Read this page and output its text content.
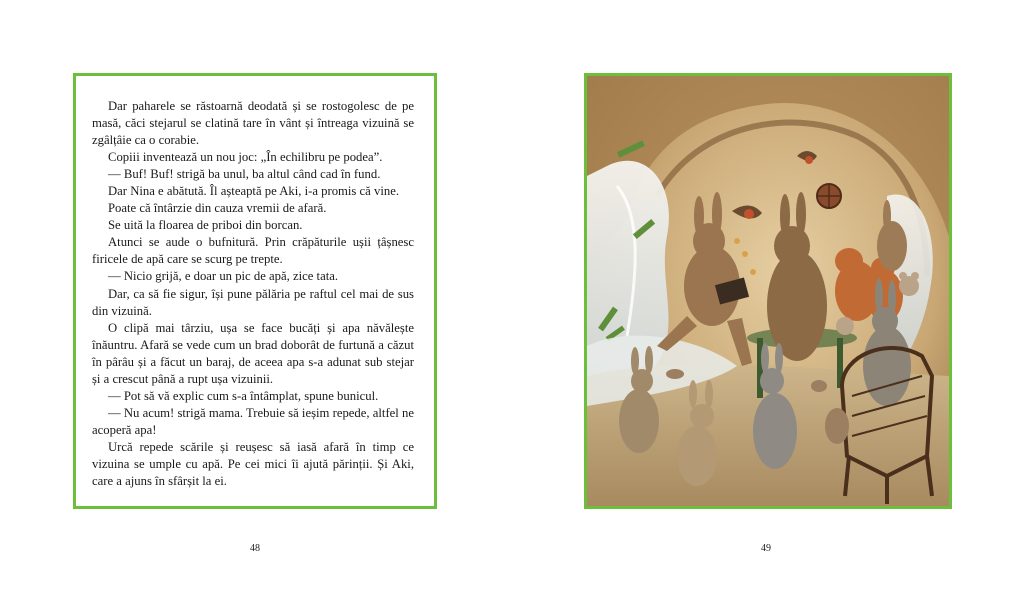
Dar paharele se răstoarnă deodată și se rostogolesc de pe masă, căci stejarul se clatină tare în vânt și întreaga vizuină se zgâlțâie ca o corabie.

Copiii inventează un nou joc: „În echilibru pe podea”.

— Buf! Buf! strigă ba unul, ba altul când cad în fund.

Dar Nina e abătută. Îl așteaptă pe Aki, i-a promis că vine.

Poate că întârzie din cauza vremii de afară.

Se uită la floarea de priboi din borcan.

Atunci se aude o bufnitură. Prin crăpăturile ușii țâșnesc firicele de apă care se scurg pe trepte.

— Nicio grijă, e doar un pic de apă, zice tata.

Dar, ca să fie sigur, își pune pălăria pe raftul cel mai de sus din vizuină.

O clipă mai târziu, ușa se face bucăți și apa năvălește înăuntru. Afară se vede cum un brad doborât de furtună a căzut în pârâu și a făcut un baraj, de aceea apa s-a adunat sub stejar și a crescut până a rupt ușa vizuinii.

— Pot să vă explic cum s-a întâmplat, spune bunicul.

— Nu acum! strigă mama. Trebuie să ieșim repede, altfel ne acoperă apa!

Urcă repede scările și reușesc să iasă afară în timp ce vizuina se umple cu apă. Pe cei mici îi ajută părinții. Și Aki, care a ajuns în sfârșit la ei.

48	49
